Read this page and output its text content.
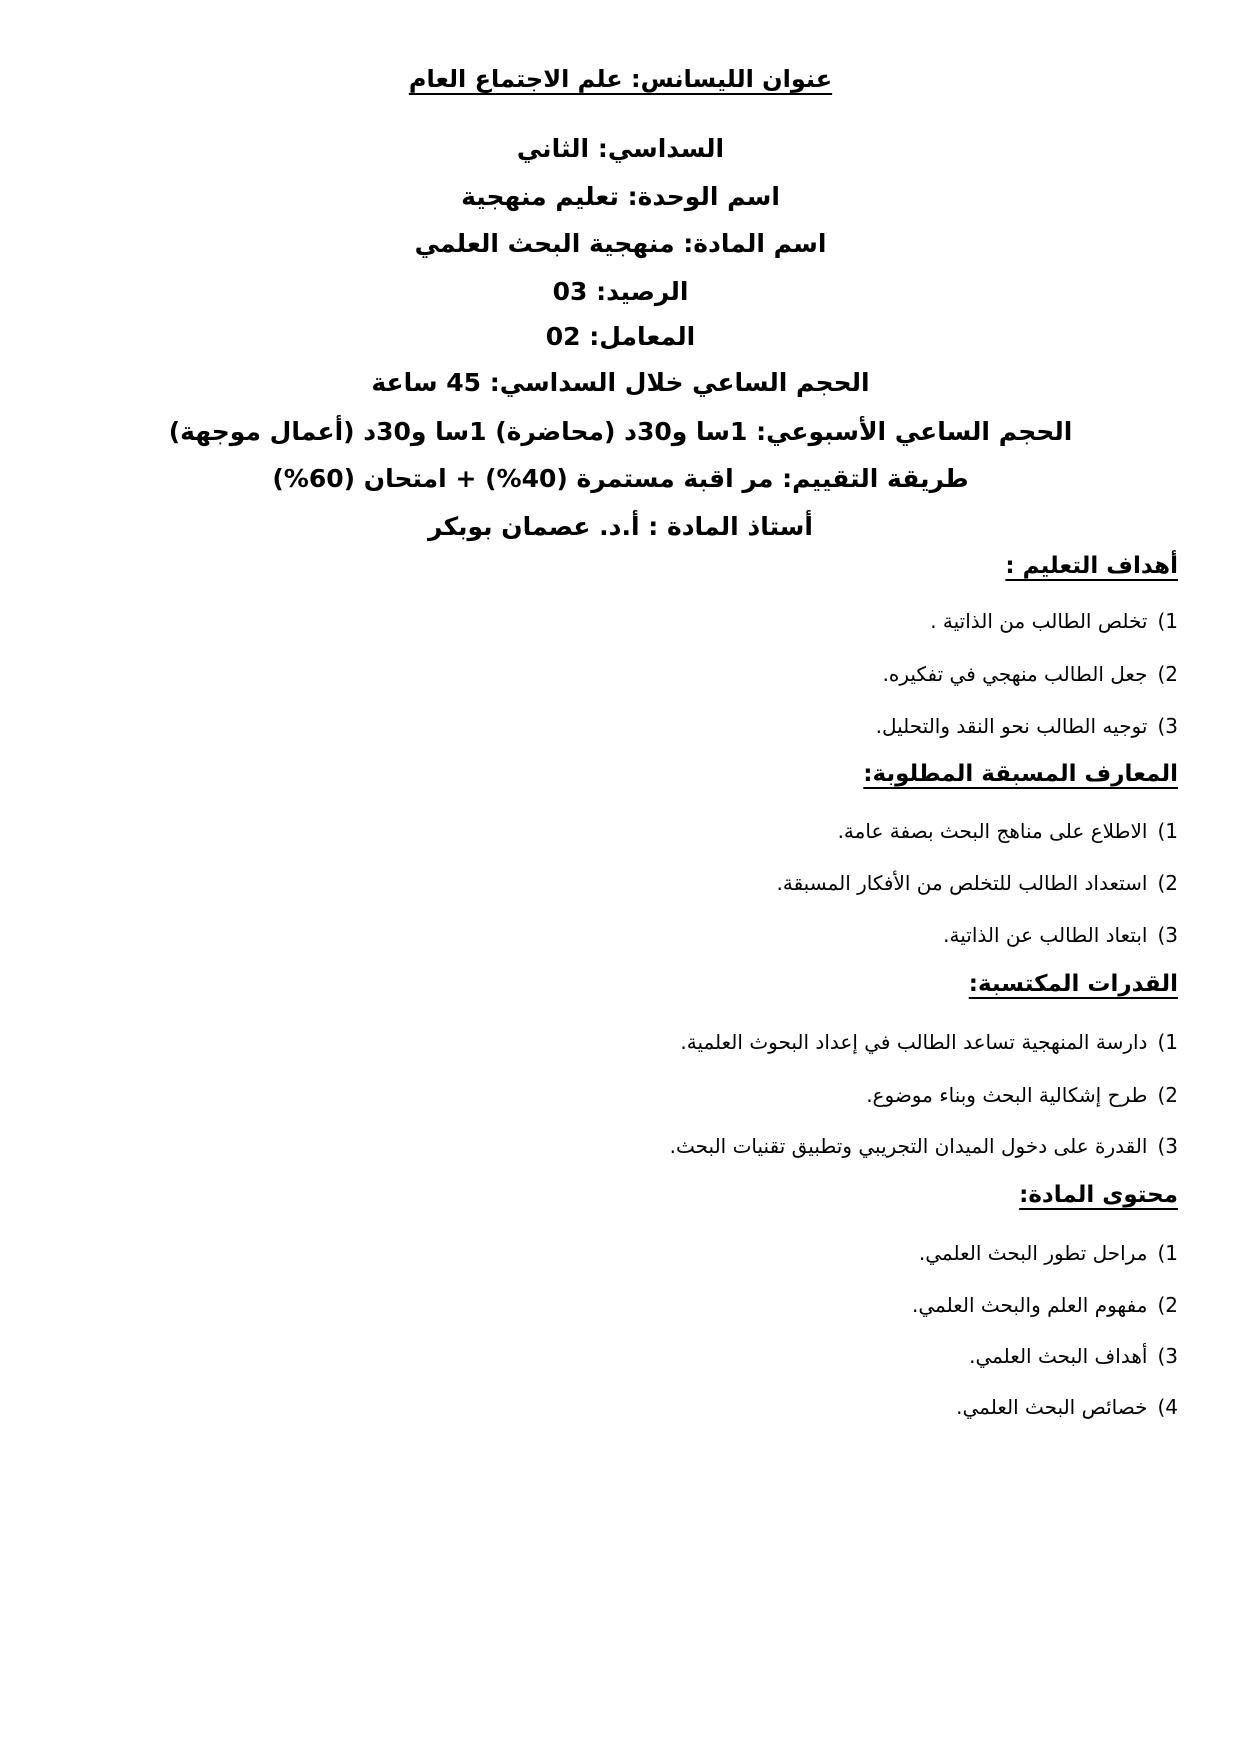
عنوان الليسانس: علم الاجتماع العام
السداسي: الثاني
اسم الوحدة: تعليم منهجية
اسم المادة: منهجية البحث العلمي
الرصيد: 03
المعامل: 02
الحجم الساعي خلال السداسي: 45 ساعة
الحجم الساعي الأسبوعي: 1سا و30د (محاضرة) 1سا و30د (أعمال موجهة)
طريقة التقييم: مر اقبة مستمرة (40%) + امتحان (60%)
أستاذ المادة : أ.د. عصمان بوبكر
أهداف التعليم :
1)تخلص الطالب من الذاتية .
2)جعل الطالب منهجي في تفكيره.
3)توجيه الطالب نحو النقد والتحليل.
المعارف المسبقة المطلوبة:
1)الاطلاع على مناهج البحث بصفة عامة.
2)استعداد الطالب للتخلص من الأفكار المسبقة.
3)ابتعاد الطالب عن الذاتية.
القدرات المكتسبة:
1)دارسة المنهجية تساعد الطالب في إعداد البحوث العلمية.
2)طرح إشكالية البحث وبناء موضوع.
3)القدرة على دخول الميدان التجريبي وتطبيق تقنيات البحث.
محتوى المادة:
1)مراحل تطور البحث العلمي.
2)مفهوم العلم والبحث العلمي.
3)أهداف البحث العلمي.
4)خصائص البحث العلمي.
